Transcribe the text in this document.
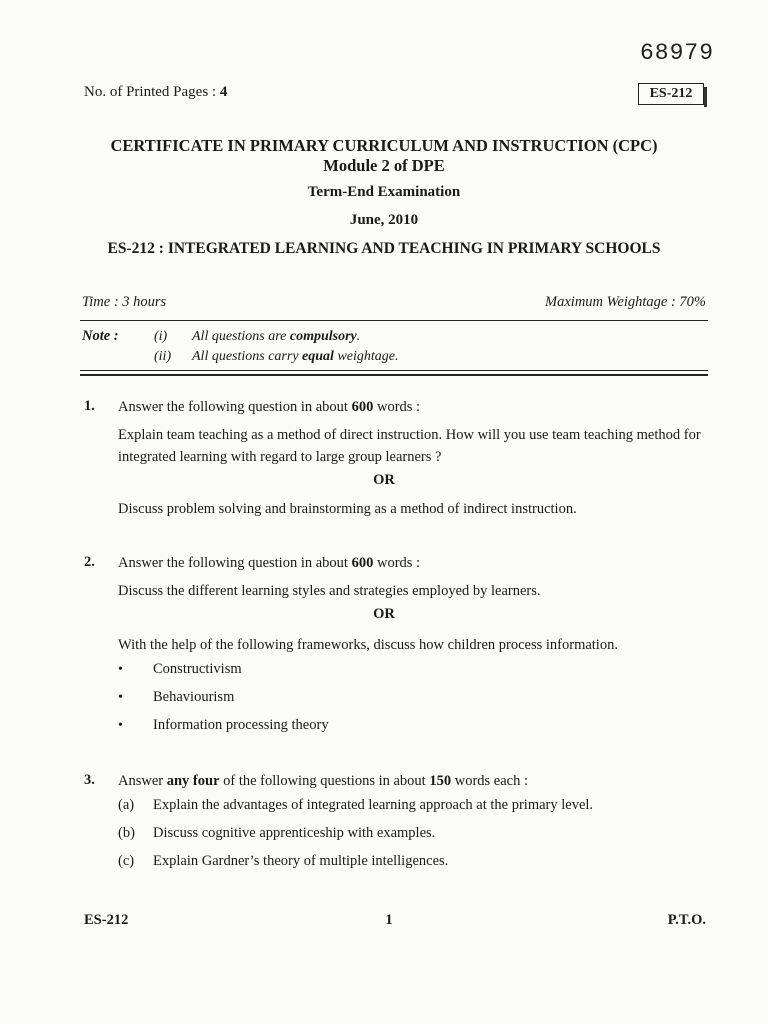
68979
No. of Printed Pages : 4	ES-212
CERTIFICATE IN PRIMARY CURRICULUM AND INSTRUCTION (CPC)
Module 2 of DPE
Term-End Examination
June, 2010
ES-212 : INTEGRATED LEARNING AND TEACHING IN PRIMARY SCHOOLS
Time : 3 hours	Maximum Weightage : 70%
Note :	(i) All questions are compulsory.
(ii) All questions carry equal weightage.
1. Answer the following question in about 600 words :
Explain team teaching as a method of direct instruction. How will you use team teaching method for integrated learning with regard to large group learners ?
OR
Discuss problem solving and brainstorming as a method of indirect instruction.
2. Answer the following question in about 600 words :
Discuss the different learning styles and strategies employed by learners.
OR
With the help of the following frameworks, discuss how children process information.
• Constructivism
• Behaviourism
• Information processing theory
3. Answer any four of the following questions in about 150 words each :
(a) Explain the advantages of integrated learning approach at the primary level.
(b) Discuss cognitive apprenticeship with examples.
(c) Explain Gardner’s theory of multiple intelligences.
ES-212	1	P.T.O.
